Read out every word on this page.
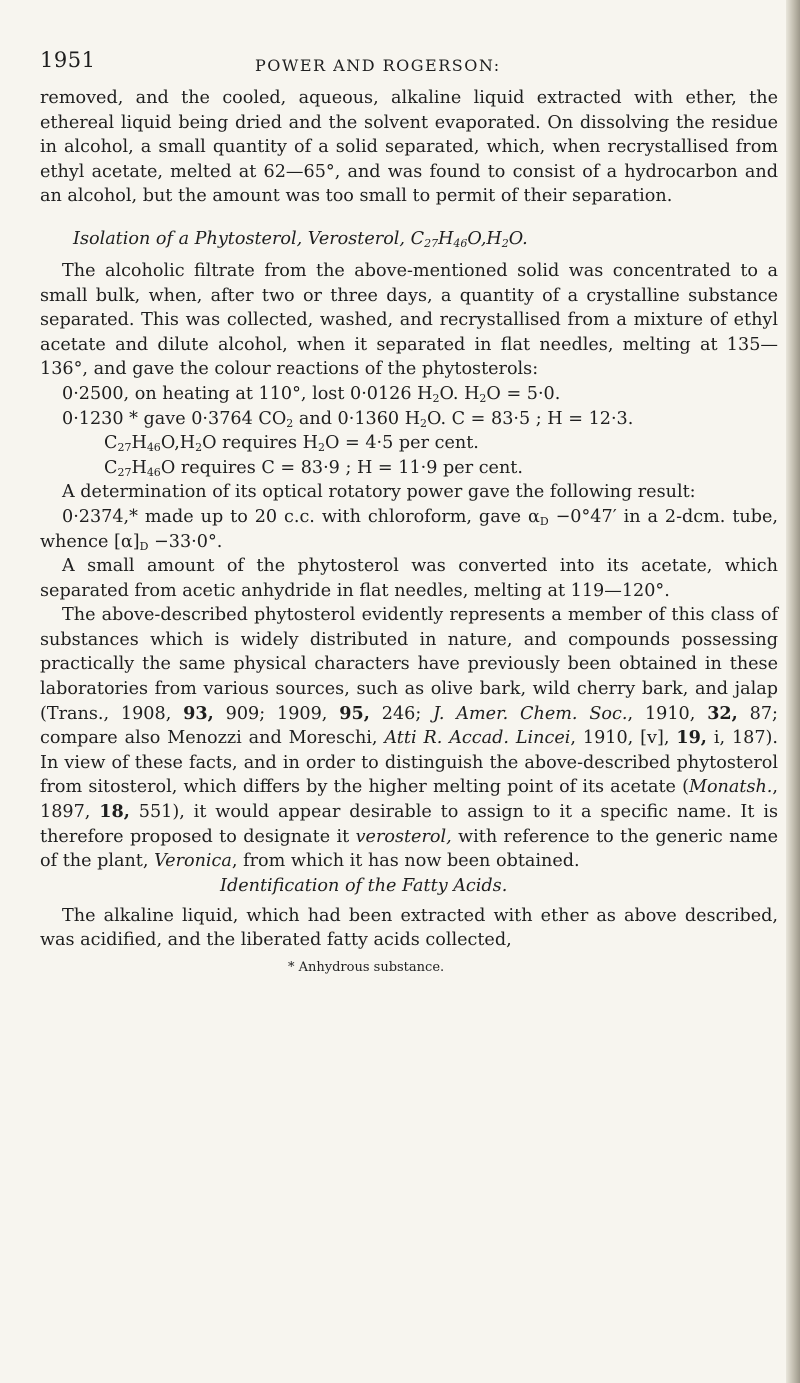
1951	POWER AND ROGERSON:

removed, and the cooled, aqueous, alkaline liquid extracted with ether, the ethereal liquid being dried and the solvent evaporated. On dissolving the residue in alcohol, a small quantity of a solid separated, which, when recrystallised from ethyl acetate, melted at 62—65°, and was found to consist of a hydrocarbon and an alcohol, but the amount was too small to permit of their separation.

Isolation of a Phytosterol, Verosterol, $C_{27}H_{46}O,H_2O$.

The alcoholic filtrate from the above-mentioned solid was concentrated to a small bulk, when, after two or three days, a quantity of a crystalline substance separated. This was collected, washed, and recrystallised from a mixture of ethyl acetate and dilute alcohol, when it separated in flat needles, melting at 135—136°, and gave the colour reactions of the phytosterols:

0·2500, on heating at 110°, lost 0·0126 $H_2O$. $H_2O = 5\cdot 0$.

0·1230 * gave 0·3764 $CO_2$ and 0·1360 $H_2O$. C = 83·5 ; H = 12·3.

$C_{27}H_{46}O,H_2O$ requires $H_2O = 4\cdot 5$ per cent.

$C_{27}H_{46}O$ requires C = 83·9 ; H = 11·9 per cent.

A determination of its optical rotatory power gave the following result:

0·2374,* made up to 20 c.c. with chloroform, gave $\alpha_D -0^\circ 47'$ in a 2-dcm. tube, whence $[\alpha]_D -33\cdot 0^\circ$.

A small amount of the phytosterol was converted into its acetate, which separated from acetic anhydride in flat needles, melting at 119—120°.

The above-described phytosterol evidently represents a member of this class of substances which is widely distributed in nature, and compounds possessing practically the same physical characters have previously been obtained in these laboratories from various sources, such as olive bark, wild cherry bark, and jalap (Trans., 1908, 93, 909; 1909, 95, 246; J. Amer. Chem. Soc., 1910, 32, 87; compare also Menozzi and Moreschi, Atti R. Accad. Lincei, 1910, [v], 19, i, 187). In view of these facts, and in order to distinguish the above-described phytosterol from sitosterol, which differs by the higher melting point of its acetate (Monatsh., 1897, 18, 551), it would appear desirable to assign to it a specific name. It is therefore proposed to designate it verosterol, with reference to the generic name of the plant, Veronica, from which it has now been obtained.

Identification of the Fatty Acids.

The alkaline liquid, which had been extracted with ether as above described, was acidified, and the liberated fatty acids collected,

* Anhydrous substance.
